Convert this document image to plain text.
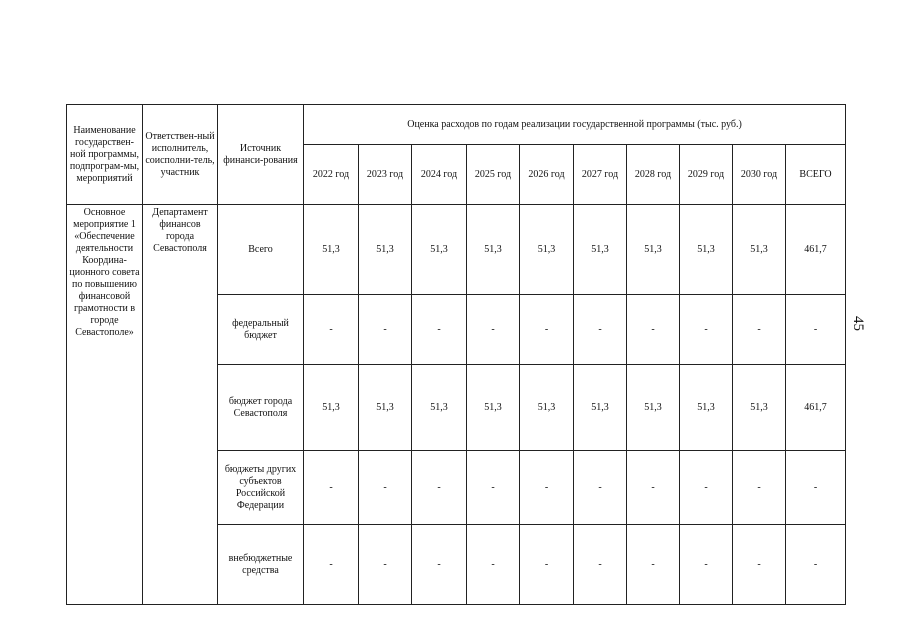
Наименование государствен-ной программы, подпрограм-мы, мероприятий	Ответствен-ный исполнитель, соисполни-тель, участник	Источник финанси-рования	Оценка расходов по годам реализации государственной программы (тыс. руб.)									
			2022 год	2023 год	2024 год	2025 год	2026 год	2027 год	2028 год	2029 год	2030 год	ВСЕГО
Основное мероприятие 1 «Обеспечение деятельности Координа-ционного совета по повышению финансовой грамотности в городе Севастополе»	Департамент финансов города Севастополя	Всего	51,3	51,3	51,3	51,3	51,3	51,3	51,3	51,3	51,3	461,7
		федеральный бюджет	-	-	-	-	-	-	-	-	-	-
		бюджет города Севастополя	51,3	51,3	51,3	51,3	51,3	51,3	51,3	51,3	51,3	461,7
		бюджеты других субъектов Российской Федерации	-	-	-	-	-	-	-	-	-	-
		внебюджетные средства	-	-	-	-	-	-	-	-	-	-
45
